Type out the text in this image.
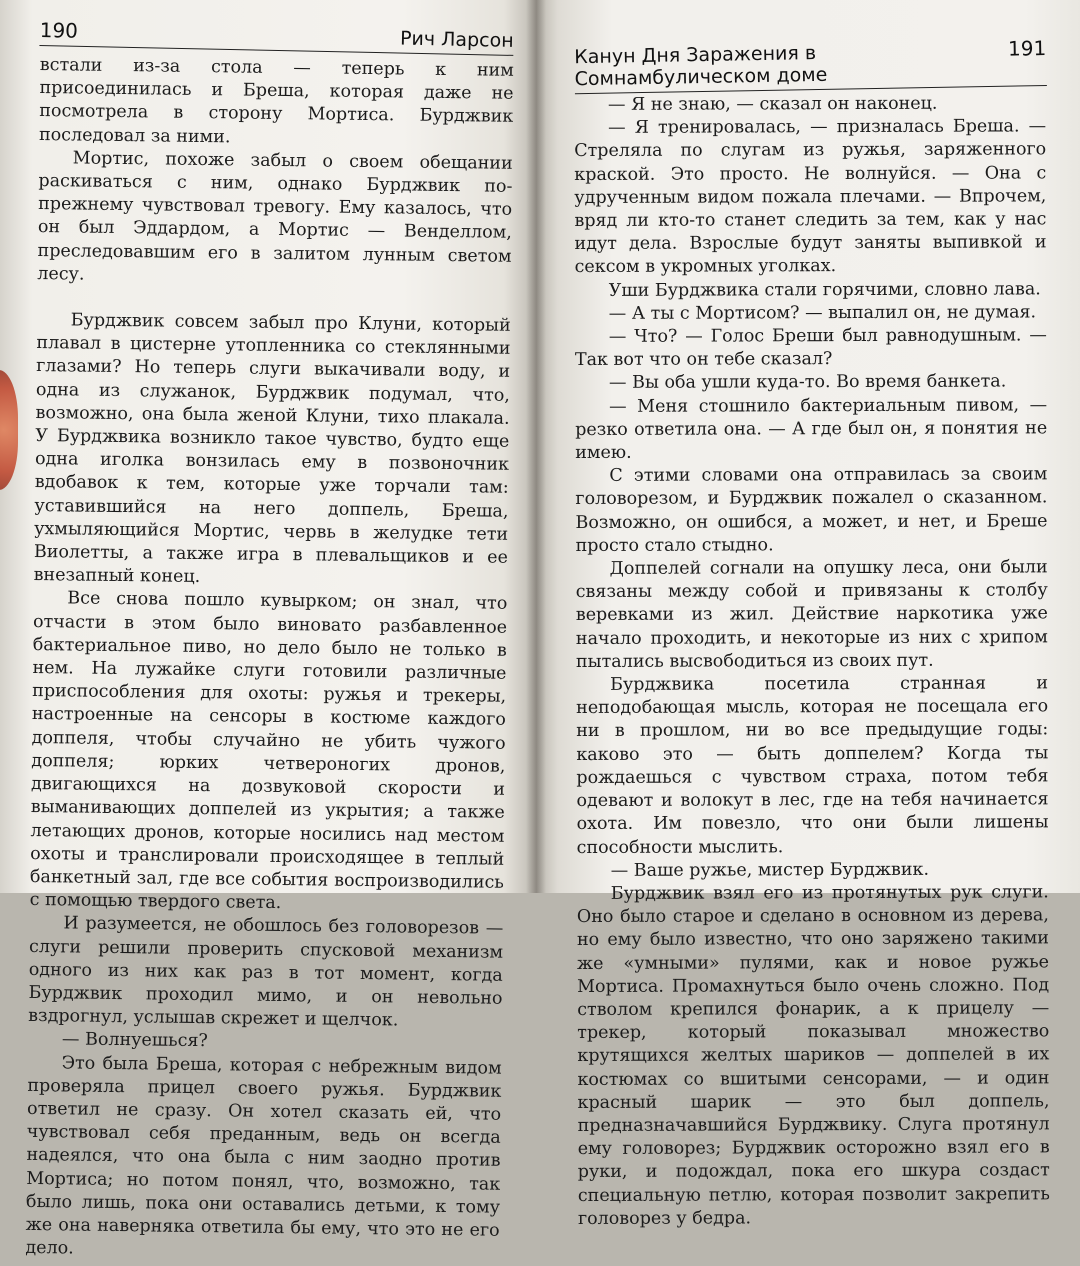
190	Рич Ларсон

встали из-за стола — теперь к ним присоединилась и Бреша, которая даже не посмотрела в сторону Мортиса. Бурджвик последовал за ними.

Мортис, похоже забыл о своем обещании раскиваться с ним, однако Бурджвик по-прежнему чувствовал тревогу. Ему казалось, что он был Эддардом, а Мортис — Венделлом, преследовавшим его в залитом лунным светом лесу.

Бурджвик совсем забыл про Клуни, который плавал в цистерне утопленника со стеклянными глазами? Но теперь слуги выкачивали воду, и одна из служанок, Бурджвик подумал, что, возможно, она была женой Клуни, тихо плакала. У Бурджвика возникло такое чувство, будто еще одна иголка вонзилась ему в позвоночник вдобавок к тем, которые уже торчали там: уставившийся на него доппель, Бреша, ухмыляющийся Мортис, червь в желудке тети Виолетты, а также игра в плевальщиков и ее внезапный конец.

Все снова пошло кувырком; он знал, что отчасти в этом было виновато разбавленное бактериальное пиво, но дело было не только в нем. На лужайке слуги готовили различные приспособления для охоты: ружья и трекеры, настроенные на сенсоры в костюме каждого доппеля, чтобы случайно не убить чужого доппеля; юрких четвероногих дронов, двигающихся на дозвуковой скорости и выманивающих доппелей из укрытия; а также летающих дронов, которые носились над местом охоты и транслировали происходящее в теплый банкетный зал, где все события воспроизводились с помощью твердого света.

И разумеется, не обошлось без головорезов — слуги решили проверить спусковой механизм одного из них как раз в тот момент, когда Бурджвик проходил мимо, и он невольно вздрогнул, услышав скрежет и щелчок.

— Волнуешься?

Это была Бреша, которая с небрежным видом проверяла прицел своего ружья. Бурджвик ответил не сразу. Он хотел сказать ей, что чувствовал себя преданным, ведь он всегда надеялся, что она была с ним заодно против Мортиса; но потом понял, что, возможно, так было лишь, пока они оставались детьми, к тому же она наверняка ответила бы ему, что это не его дело.

Канун Дня Заражения в Сомнамбулическом доме
191

— Я не знаю, — сказал он наконец.

— Я тренировалась, — призналась Бреша. — Стреляла по слугам из ружья, заряженного краской. Это просто. Не волнуйся. — Она с удрученным видом пожала плечами. — Впрочем, вряд ли кто-то станет следить за тем, как у нас идут дела. Взрослые будут заняты выпивкой и сексом в укромных уголках.

Уши Бурджвика стали горячими, словно лава.

— А ты с Мортисом? — выпалил он, не думая.

— Что? — Голос Бреши был равнодушным. — Так вот что он тебе сказал?

— Вы оба ушли куда-то. Во время банкета.

— Меня стошнило бактериальным пивом, — резко ответила она. — А где был он, я понятия не имею.

С этими словами она отправилась за своим головорезом, и Бурджвик пожалел о сказанном. Возможно, он ошибся, а может, и нет, и Бреше просто стало стыдно.

Доппелей согнали на опушку леса, они были связаны между собой и привязаны к столбу веревками из жил. Действие наркотика уже начало проходить, и некоторые из них с хрипом пытались высвободиться из своих пут.

Бурджвика посетила странная и неподобающая мысль, которая не посещала его ни в прошлом, ни во все предыдущие годы: каково это — быть доппелем? Когда ты рождаешься с чувством страха, потом тебя одевают и волокут в лес, где на тебя начинается охота. Им повезло, что они были лишены способности мыслить.

— Ваше ружье, мистер Бурджвик.

Бурджвик взял его из протянутых рук слуги. Оно было старое и сделано в основном из дерева, но ему было известно, что оно заряжено такими же «умными» пулями, как и новое ружье Мортиса. Промахнуться было очень сложно. Под стволом крепился фонарик, а к прицелу — трекер, который показывал множество крутящихся желтых шариков — доппелей в их костюмах со вшитыми сенсорами, — и один красный шарик — это был доппель, предназначавшийся Бурджвику. Слуга протянул ему головорез; Бурджвик осторожно взял его в руки, и подождал, пока его шкура создаст специальную петлю, которая позволит закрепить головорез у бедра.
